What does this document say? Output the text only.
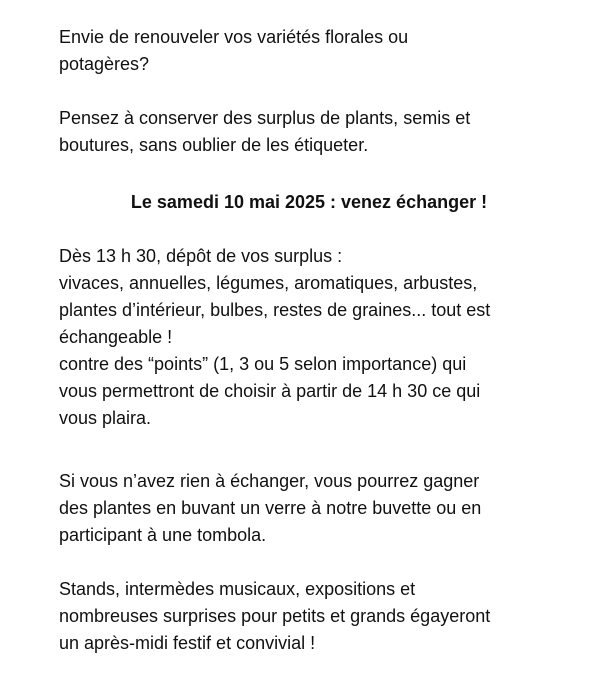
Envie de renouveler vos variétés florales ou
potagères?

Pensez à conserver des surplus de plants, semis et
boutures, sans oublier de les étiqueter.

Le samedi 10 mai 2025 : venez échanger !

Dès 13 h 30, dépôt de vos surplus :
vivaces, annuelles, légumes, aromatiques, arbustes,
plantes d’intérieur, bulbes, restes de graines... tout est
échangeable !
contre des “points” (1, 3 ou 5 selon importance) qui
vous permettront de choisir à partir de 14 h 30 ce qui
vous plaira.

Si vous n’avez rien à échanger, vous pourrez gagner
des plantes en buvant un verre à notre buvette ou en
participant à une tombola.

Stands, intermèdes musicaux, expositions et
nombreuses surprises pour petits et grands égayeront
un après-midi festif et convivial !
